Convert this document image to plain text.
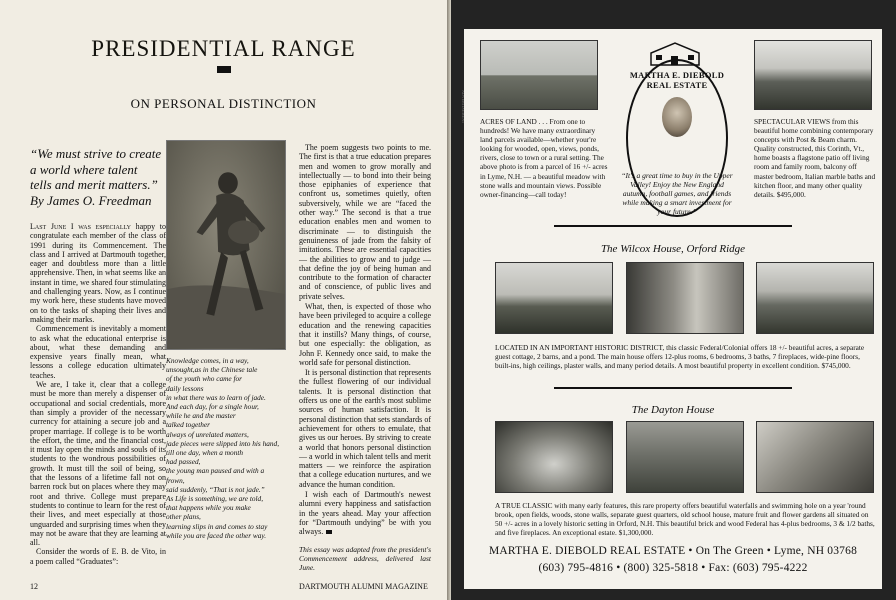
PRESIDENTIAL RANGE
ON PERSONAL DISTINCTION
“We must strive to create a world where talent tells and merit matters.”
By James O. Freedman

Last June I was especially happy to congratulate each member of the class of 1991 during its Commencement. The class and I arrived at Dartmouth together, eager and doubtless more than a little apprehensive. Then, in what seems like an instant in time, we shared four stimulating and challenging years. Now, as I continue my work here, these students have moved on to the tasks of shaping their lives and making their marks.

Commencement is inevitably a moment to ask what the educational enterprise is about, what these demanding and expensive years finally mean, what lessons a college education ultimately teaches.

We are, I take it, clear that a college must be more than merely a dispenser of occupational and social credentials, more than simply a provider of the necessary currency for attaining a secure job and a proper marriage. If college is to be worth the effort, the time, and the financial cost, it must lay open the minds and souls of its students to the wondrous possibilities of growth. It must till the soil of being, so that the lessons of a lifetime fall not on barren rock but on places where they may root and thrive. College must prepare students to continue to learn for the rest of their lives, and meet especially at those unguarded and surprising times when they may not be aware that they are learning at all.

Consider the words of E. B. de Vito, in a poem called “Graduates”:

Knowledge comes, in a way,
unsought,as in the Chinese tale
of the youth who came for
daily lessons
in what there was to learn of jade.
And each day, for a single hour,
while he and the master
talked together
always of unrelated matters,
jade pieces were slipped into his hand,
till one day, when a month
had passed,
the young man paused and with a
frown,
said suddenly, “That is not jade.”
As Life is something, we are told,
that happens while you make
other plans,
learning slips in and comes to stay
while you are faced the other way.

The poem suggests two points to me. The first is that a true education prepares men and women to grow morally and intellectually — to bond into their being those epiphanies of experience that confront us, sometimes quietly, often subversively, while we are “faced the other way.” The second is that a true education enables men and women to discriminate — to distinguish the genuineness of jade from the falsity of imitations. These are essential capacities — the abilities to grow and to judge — that define the joy of being human and contribute to the formation of character and of conscience, of public lives and private selves.

What, then, is expected of those who have been privileged to acquire a college education and the renewing capacities that it instills? Many things, of course, but one especially: the obligation, as John F. Kennedy once said, to make the world safe for personal distinction.

It is personal distinction that represents the fullest flowering of our individual talents. It is personal distinction that offers us one of the earth's most sublime sources of human satisfaction. It is personal distinction that sets standards of achievement for others to emulate, that gives us our heroes. By striving to create a world that honors personal distinction — a world in which talent tells and merit matters — we reinforce the aspiration that a college education nurtures, and we advance the human condition.

I wish each of Dartmouth's newest alumni every happiness and satisfaction in the years ahead. May your affection for “Dartmouth undying” be with you always.

This essay was adapted from the president's Commencement address, delivered last June.
12	DARTMOUTH ALUMNI MAGAZINE
ACRES OF LAND . . . From one to hundreds! We have many extraordinary land parcels available—whether your're looking for wooded, open, views, ponds, rivers, close to town or a rural setting. The above photo is from a parcel of 16 +/- acres in Lyme, N.H. — a beautiful meadow with stone walls and mountain views. Possible owner-financing—call today!
MARTHA E. DIEBOLD REAL ESTATE
“It's a great time to buy in the Upper Valley! Enjoy the New England autumn, football games, and friends while making a smart investment for your future.”
SPECTACULAR VIEWS from this beautiful home combining contemporary concepts with Post & Beam charm. Quality constructed, this Corinth, Vt., home boasts a flagstone patio off living room and family room, balcony off master bedroom, Italian marble baths and kitchen floor, and many other quality details. $495,000.
The Wilcox House, Orford Ridge
LOCATED IN AN IMPORTANT HISTORIC DISTRICT, this classic Federal/Colonial offers 18 +/- beautiful acres, a separate guest cottage, 2 barns, and a pond. The main house offers 12-plus rooms, 6 bedrooms, 3 baths, 7 fireplaces, wide-pine floors, built-ins, high ceilings, plaster walls, and many period details. A most beautiful property in excellent condition. $745,000.
The Dayton House
A TRUE CLASSIC with many early features, this rare property offers beautiful waterfalls and swimming hole on a year 'round brook, open fields, woods, stone walls, separate guest quarters, old school house, mature fruit and flower gardens all situated on 50 +/- acres in a lovely historic setting in Orford, N.H. This beautiful brick and wood Federal has 4-plus bedrooms, 3 & 1/2 baths, and five fireplaces. An exceptional estate. $1,300,000.
MARTHA E. DIEBOLD REAL ESTATE • On The Green • Lyme, NH 03768
(603) 795-4816 • (800) 325-5818 • Fax: (603) 795-4222
